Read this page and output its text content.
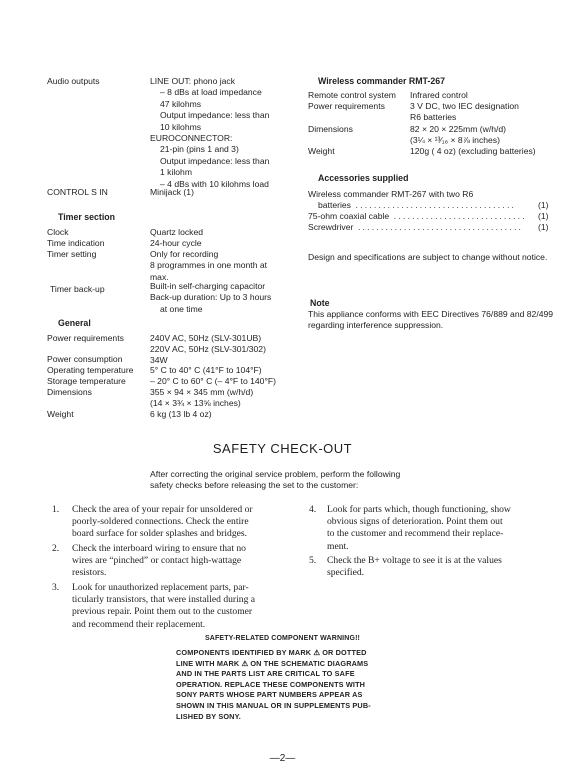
Audio outputs	LINE OUT: phono jack
– 8 dBs at load impedance
47 kilohms
Output impedance: less than
10 kilohms
EUROCONNECTOR:
21-pin (pins 1 and 3)
Output impedance: less than
1 kilohm
– 4 dBs with 10 kilohms load
CONTROL S IN	Minijack (1)
Timer section
Clock	Quartz locked
Time indication	24-hour cycle
Timer setting	Only for recording
8 programmes in one month at
max.
Timer back-up	Built-in self-charging capacitor
Back-up duration: Up to 3 hours
at one time
General
Power requirements	240V AC, 50Hz (SLV-301UB)
220V AC, 50Hz (SLV-301/302)
Power consumption	34W
Operating temperature	5° C to 40° C (41°F to 104°F)
Storage temperature	– 20° C to 60° C (– 4°F to 140°F)
Dimensions	355 × 94 × 345 mm (w/h/d)
(14 × 3¾ × 13⅝ inches)
Weight	6 kg (13 lb 4 oz)
Wireless commander RMT-267
Remote control system Infrared control
Power requirements	3 V DC, two IEC designation
R6 batteries
Dimensions	82 × 20 × 225mm (w/h/d)
(3¼ × ¹³⁄₁₆ × 8⅞ inches)
Weight	120g ( 4 oz) (excluding batteries)
Accessories supplied
Wireless commander RMT-267 with two R6
batteries ...................................	(1)
75-ohm coaxial cable ............................. (1)
Screwdriver .................................... (1)
Design and specifications are subject to change without notice.
Note
This appliance conforms with EEC Directives 76/889 and 82/499 regarding interference suppression.
SAFETY CHECK-OUT
After correcting the original service problem, perform the following
safety checks before releasing the set to the customer:
1. Check the area of your repair for unsoldered or
poorly-soldered connections. Check the entire
board surface for solder splashes and bridges.
2. Check the interboard wiring to ensure that no
wires are “pinched” or contact high-wattage
resistors.
3. Look for unauthorized replacement parts, par-
ticularly transistors, that were installed during a
previous repair. Point them out to the customer
and recommend their replacement.
4. Look for parts which, though functioning, show
obvious signs of deterioration. Point them out
to the customer and recommend their replace-
ment.
5. Check the B+ voltage to see it is at the values
specified.
SAFETY-RELATED COMPONENT WARNING!!
COMPONENTS IDENTIFIED BY MARK ⚠ OR DOTTED
LINE WITH MARK ⚠ ON THE SCHEMATIC DIAGRAMS
AND IN THE PARTS LIST ARE CRITICAL TO SAFE
OPERATION. REPLACE THESE COMPONENTS WITH
SONY PARTS WHOSE PART NUMBERS APPEAR AS
SHOWN IN THIS MANUAL OR IN SUPPLEMENTS PUB-
LISHED BY SONY.
—2—
